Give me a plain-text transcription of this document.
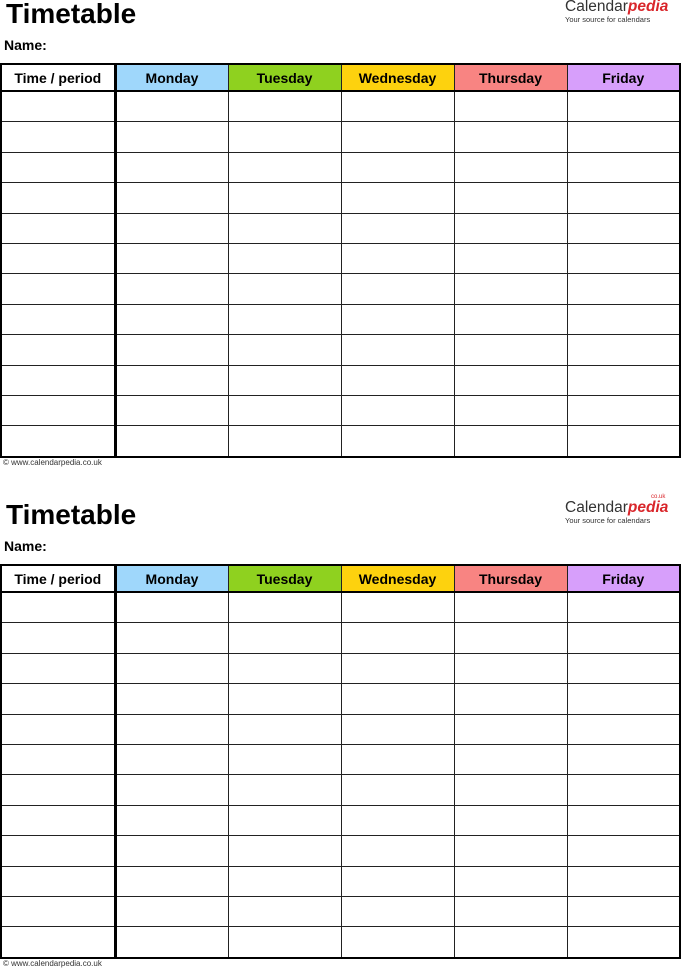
Timetable
Name:
Calendarpedia
Your source for calendars
Time / period	Monday	Tuesday	Wednesday	Thursday	Friday

© www.calendarpedia.co.uk
Timetable
Name:
Calendarpedia
co.uk
Your source for calendars
Time / period	Monday	Tuesday	Wednesday	Thursday	Friday

© www.calendarpedia.co.uk
